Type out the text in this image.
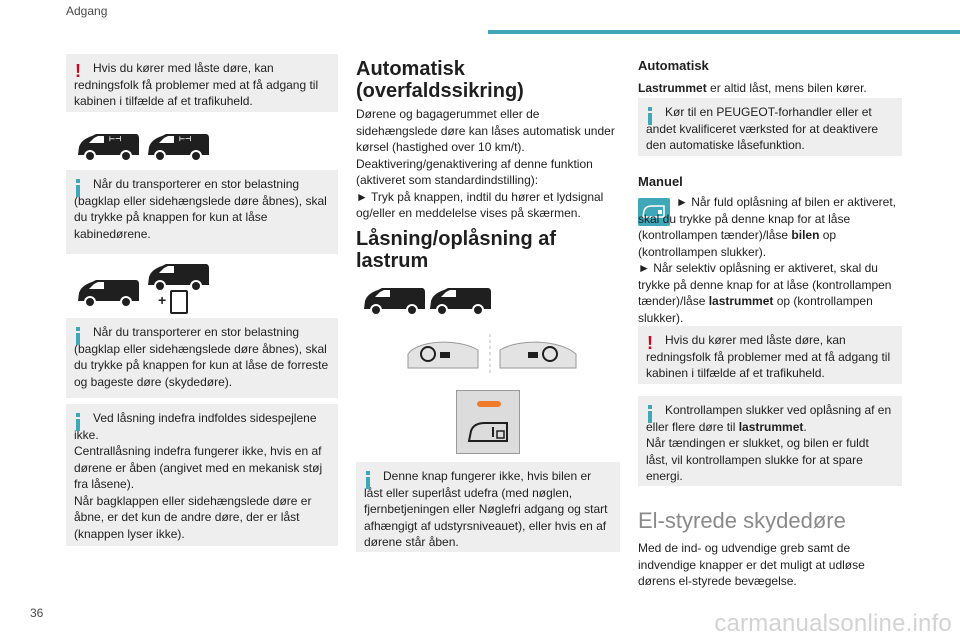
Adgang
!	Hvis du kører med låste døre, kan redningsfolk få problemer med at få adgang til kabinen i tilfælde af et trafikuheld.
⊢⊣	⊢⊣
Når du transporterer en stor belastning (bagklap eller sidehængslede døre åbnes), skal du trykke på knappen for kun at låse kabinedørene.
+
Når du transporterer en stor belastning (bagklap eller sidehængslede døre åbnes), skal du trykke på knappen for kun at låse de forreste og bageste døre (skydedøre).
Ved låsning indefra indfoldes sidespejlene ikke.
Centrallåsning indefra fungerer ikke, hvis en af dørene er åben (angivet med en mekanisk støj fra låsene).
Når bagklappen eller sidehængslede døre er åbne, er det kun de andre døre, der er låst (knappen lyser ikke).
Automatisk (overfaldssikring)
Dørene og bagagerummet eller de sidehængslede døre kan låses automatisk under kørsel (hastighed over 10 km/t).
Deaktivering/genaktivering af denne funktion (aktiveret som standardindstilling):
► Tryk på knappen, indtil du hører et lydsignal og/eller en meddelelse vises på skærmen.
Låsning/oplåsning af lastrum
Denne knap fungerer ikke, hvis bilen er låst eller superlåst udefra (med nøglen, fjernbetjeningen eller Nøglefri adgang og start afhængigt af udstyrsniveauet), eller hvis en af dørene står åben.
Automatisk
Lastrummet er altid låst, mens bilen kører.
Kør til en PEUGEOT-forhandler eller et andet kvalificeret værksted for at deaktivere den automatiske låsefunktion.
Manuel
► Når fuld oplåsning af bilen er aktiveret, skal du trykke på denne knap for at låse (kontrollampen tænder)/låse bilen op (kontrollampen slukker).
► Når selektiv oplåsning er aktiveret, skal du trykke på denne knap for at låse (kontrollampen tænder)/låse lastrummet op (kontrollampen slukker).
!	Hvis du kører med låste døre, kan redningsfolk få problemer med at få adgang til kabinen i tilfælde af et trafikuheld.
Kontrollampen slukker ved oplåsning af en eller flere døre til lastrummet.
Når tændingen er slukket, og bilen er fuldt låst, vil kontrollampen slukke for at spare energi.
El-styrede skydedøre
Med de ind- og udvendige greb samt de indvendige knapper er det muligt at udløse dørens el-styrede bevægelse.
36	carmanualsonline.info
